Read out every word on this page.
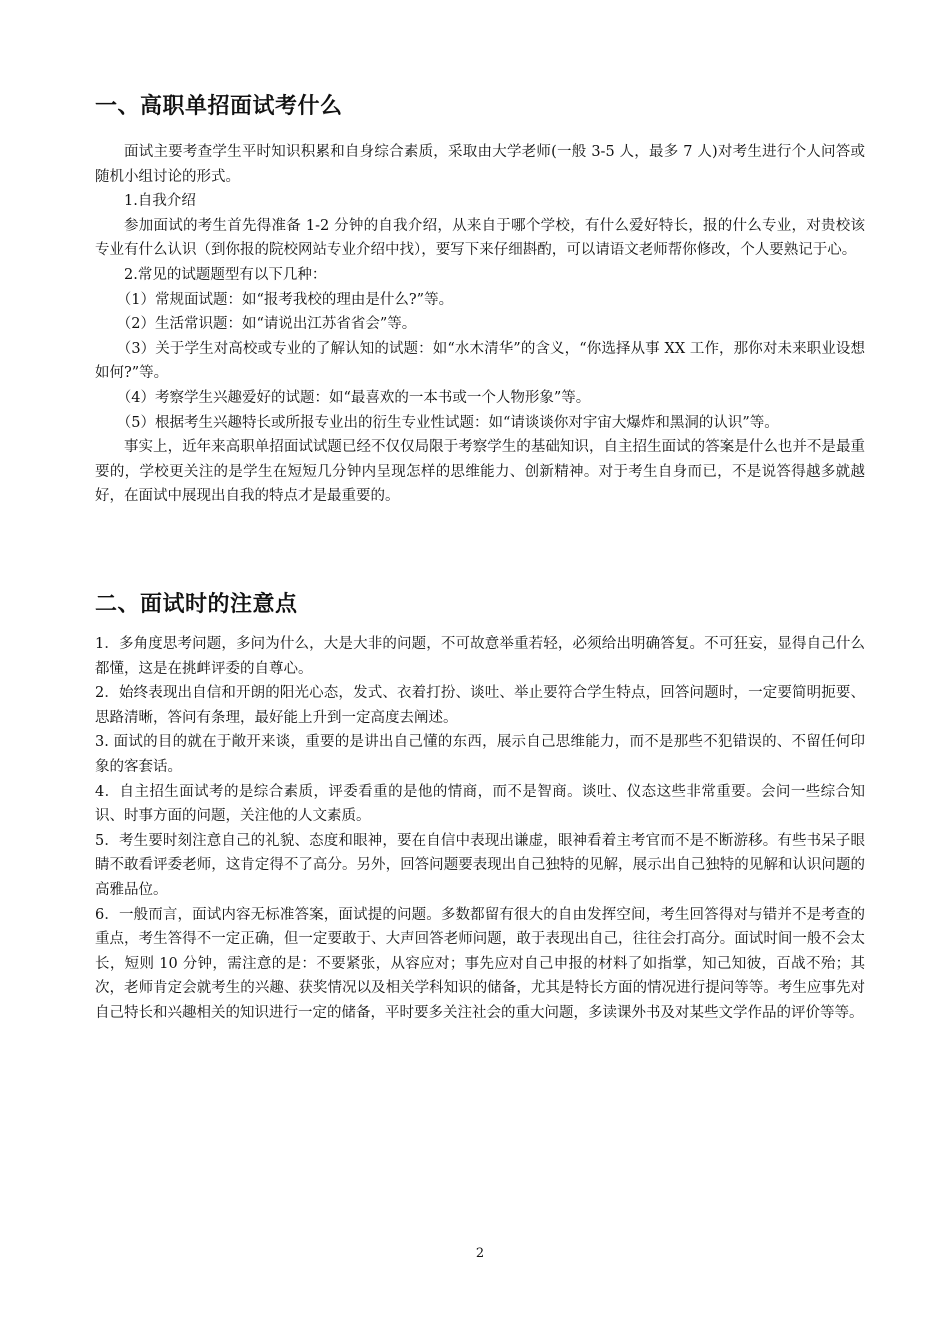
一、高职单招面试考什么

面试主要考查学生平时知识积累和自身综合素质，采取由大学老师(一般 3-5 人，最多 7 人)对考生进行个人问答或随机小组讨论的形式。

1.自我介绍

参加面试的考生首先得准备 1-2 分钟的自我介绍，从来自于哪个学校，有什么爱好特长，报的什么专业，对贵校该专业有什么认识（到你报的院校网站专业介绍中找），要写下来仔细斟酌，可以请语文老师帮你修改，个人要熟记于心。

2.常见的试题题型有以下几种：

（1）常规面试题：如“报考我校的理由是什么?”等。

（2）生活常识题：如“请说出江苏省省会”等。

（3）关于学生对高校或专业的了解认知的试题：如“水木清华”的含义，“你选择从事 XX 工作，那你对未来职业设想如何?”等。

（4）考察学生兴趣爱好的试题：如“最喜欢的一本书或一个人物形象”等。

（5）根据考生兴趣特长或所报专业出的衍生专业性试题：如“请谈谈你对宇宙大爆炸和黑洞的认识”等。

事实上，近年来高职单招面试试题已经不仅仅局限于考察学生的基础知识，自主招生面试的答案是什么也并不是最重要的，学校更关注的是学生在短短几分钟内呈现怎样的思维能力、创新精神。对于考生自身而已，不是说答得越多就越好，在面试中展现出自我的特点才是最重要的。

二、面试时的注意点

1．多角度思考问题，多问为什么，大是大非的问题，不可故意举重若轻，必须给出明确答复。不可狂妄，显得自己什么都懂，这是在挑衅评委的自尊心。

2．始终表现出自信和开朗的阳光心态，发式、衣着打扮、谈吐、举止要符合学生特点，回答问题时，一定要简明扼要、思路清晰，答问有条理，最好能上升到一定高度去阐述。

3. 面试的目的就在于敞开来谈，重要的是讲出自己懂的东西，展示自己思维能力，而不是那些不犯错误的、不留任何印象的客套话。

4．自主招生面试考的是综合素质，评委看重的是他的情商，而不是智商。谈吐、仪态这些非常重要。会问一些综合知识、时事方面的问题，关注他的人文素质。

5．考生要时刻注意自己的礼貌、态度和眼神，要在自信中表现出谦虚，眼神看着主考官而不是不断游移。有些书呆子眼睛不敢看评委老师，这肯定得不了高分。另外，回答问题要表现出自己独特的见解，展示出自己独特的见解和认识问题的高雅品位。

6．一般而言，面试内容无标准答案，面试提的问题。多数都留有很大的自由发挥空间，考生回答得对与错并不是考查的重点，考生答得不一定正确，但一定要敢于、大声回答老师问题，敢于表现出自己，往往会打高分。面试时间一般不会太长，短则 10 分钟，需注意的是：不要紧张，从容应对；事先应对自己申报的材料了如指掌，知己知彼，百战不殆；其次，老师肯定会就考生的兴趣、获奖情况以及相关学科知识的储备，尤其是特长方面的情况进行提问等等。考生应事先对自己特长和兴趣相关的知识进行一定的储备，平时要多关注社会的重大问题，多读课外书及对某些文学作品的评价等等。

2
